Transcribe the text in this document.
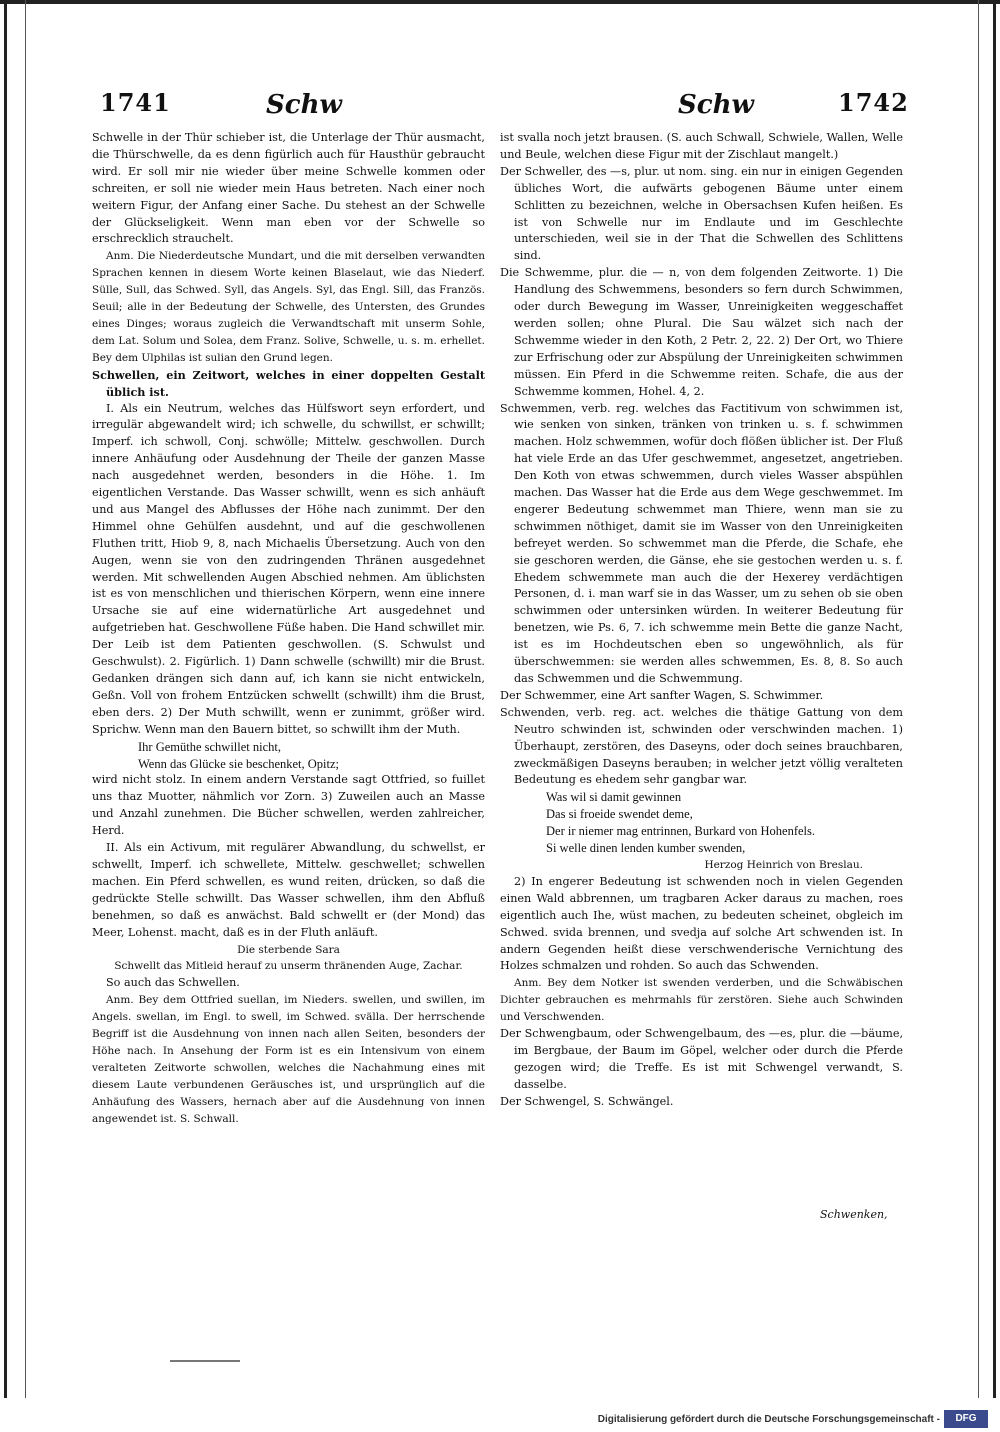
1741	Schw	Schw	1742

Schwelle in der Thür schieber ist, die Unterlage der Thür ausmacht, die Thürschwelle, da es denn figürlich auch für Hausthür gebraucht wird. Er soll mir nie wieder über meine Schwelle kommen oder schreiten, er soll nie wieder mein Haus betreten. Nach einer noch weitern Figur, der Anfang einer Sache. Du stehest an der Schwelle der Glückseligkeit. Wenn man eben vor der Schwelle so erschrecklich strauchelt.

Anm. Die Niederdeutsche Mundart, und die mit derselben verwandten Sprachen kennen in diesem Worte keinen Blaselaut, wie das Niederf. Sülle, Sull, das Schwed. Syll, das Angels. Syl, das Engl. Sill, das Französ. Seuil; alle in der Bedeutung der Schwelle, des Untersten, des Grundes eines Dinges; woraus zugleich die Verwandtschaft mit unserm Sohle, dem Lat. Solum und Solea, dem Franz. Solive, Schwelle, u. s. m. erhellet. Bey dem Ulphilas ist sulian den Grund legen.

Schwellen, ein Zeitwort, welches in einer doppelten Gestalt üblich ist.

I. Als ein Neutrum, welches das Hülfswort seyn erfordert, und irregulär abgewandelt wird; ich schwelle, du schwillst, er schwillt; Imperf. ich schwoll, Conj. schwölle; Mittelw. geschwollen. Durch innere Anhäufung oder Ausdehnung der Theile der ganzen Masse nach ausgedehnet werden, besonders in die Höhe. 1. Im eigentlichen Verstande. Das Wasser schwillt, wenn es sich anhäuft und aus Mangel des Abflusses der Höhe nach zunimmt. Der den Himmel ohne Gehülfen ausdehnt, und auf die geschwollenen Fluthen tritt, Hiob 9, 8, nach Michaelis Übersetzung. Auch von den Augen, wenn sie von den zudringenden Thränen ausgedehnet werden. Mit schwellenden Augen Abschied nehmen. Am üblichsten ist es von menschlichen und thierischen Körpern, wenn eine innere Ursache sie auf eine widernatürliche Art ausgedehnet und aufgetrieben hat. Geschwollene Füße haben. Die Hand schwillet mir. Der Leib ist dem Patienten geschwollen. (S. Schwulst und Geschwulst). 2. Figürlich. 1) Dann schwelle (schwillt) mir die Brust. Gedanken drängen sich dann auf, ich kann sie nicht entwickeln, Geßn. Voll von frohem Entzücken schwellt (schwillt) ihm die Brust, eben ders. 2) Der Muth schwillt, wenn er zunimmt, größer wird. Sprichw. Wenn man den Bauern bittet, so schwillt ihm der Muth.

Ihr Gemüthe schwillet nicht,

Wenn das Glücke sie beschenket, Opitz;

wird nicht stolz. In einem andern Verstande sagt Ottfried, so fuillet uns thaz Muotter, nähmlich vor Zorn. 3) Zuweilen auch an Masse und Anzahl zunehmen. Die Bücher schwellen, werden zahlreicher, Herd.

II. Als ein Activum, mit regulärer Abwandlung, du schwellst, er schwellt, Imperf. ich schwellete, Mittelw. geschwellet; schwellen machen. Ein Pferd schwellen, es wund reiten, drücken, so daß die gedrückte Stelle schwillt. Das Wasser schwellen, ihm den Abfluß benehmen, so daß es anwächst. Bald schwellt er (der Mond) das Meer, Lohenst. macht, daß es in der Fluth anläuft.

Die sterbende Sara

Schwellt das Mitleid herauf zu unserm thränenden Auge, Zachar.

So auch das Schwellen.

Anm. Bey dem Ottfried suellan, im Nieders. swellen, und swillen, im Angels. swellan, im Engl. to swell, im Schwed. svälla. Der herrschende Begriff ist die Ausdehnung von innen nach allen Seiten, besonders der Höhe nach. In Ansehung der Form ist es ein Intensivum von einem veralteten Zeitworte schwollen, welches die Nachahmung eines mit diesem Laute verbundenen Geräusches ist, und ursprünglich auf die Anhäufung des Wassers, hernach aber auf die Ausdehnung von innen angewendet ist. S. Schwall.

ist svalla noch jetzt brausen. (S. auch Schwall, Schwiele, Wallen, Welle und Beule, welchen diese Figur mit der Zischlaut mangelt.)

Der Schweller, des —s, plur. ut nom. sing. ein nur in einigen Gegenden übliches Wort, die aufwärts gebogenen Bäume unter einem Schlitten zu bezeichnen, welche in Obersachsen Kufen heißen. Es ist von Schwelle nur im Endlaute und im Geschlechte unterschieden, weil sie in der That die Schwellen des Schlittens sind.

Die Schwemme, plur. die — n, von dem folgenden Zeitworte. 1) Die Handlung des Schwemmens, besonders so fern durch Schwimmen, oder durch Bewegung im Wasser, Unreinigkeiten weggeschaffet werden sollen; ohne Plural. Die Sau wälzet sich nach der Schwemme wieder in den Koth, 2 Petr. 2, 22. 2) Der Ort, wo Thiere zur Erfrischung oder zur Abspülung der Unreinigkeiten schwimmen müssen. Ein Pferd in die Schwemme reiten. Schafe, die aus der Schwemme kommen, Hohel. 4, 2.

Schwemmen, verb. reg. welches das Factitivum von schwimmen ist, wie senken von sinken, tränken von trinken u. s. f. schwimmen machen. Holz schwemmen, wofür doch flößen üblicher ist. Der Fluß hat viele Erde an das Ufer geschwemmet, angesetzet, angetrieben. Den Koth von etwas schwemmen, durch vieles Wasser abspühlen machen. Das Wasser hat die Erde aus dem Wege geschwemmet. Im engerer Bedeutung schwemmet man Thiere, wenn man sie zu schwimmen nöthiget, damit sie im Wasser von den Unreinigkeiten befreyet werden. So schwemmet man die Pferde, die Schafe, ehe sie geschoren werden, die Gänse, ehe sie gestochen werden u. s. f. Ehedem schwemmete man auch die der Hexerey verdächtigen Personen, d. i. man warf sie in das Wasser, um zu sehen ob sie oben schwimmen oder untersinken würden. In weiterer Bedeutung für benetzen, wie Ps. 6, 7. ich schwemme mein Bette die ganze Nacht, ist es im Hochdeutschen eben so ungewöhnlich, als für überschwemmen: sie werden alles schwemmen, Es. 8, 8. So auch das Schwemmen und die Schwemmung.

Der Schwemmer, eine Art sanfter Wagen, S. Schwimmer.

Schwenden, verb. reg. act. welches die thätige Gattung von dem Neutro schwinden ist, schwinden oder verschwinden machen. 1) Überhaupt, zerstören, des Daseyns, oder doch seines brauchbaren, zweckmäßigen Daseyns berauben; in welcher jetzt völlig veralteten Bedeutung es ehedem sehr gangbar war.

Was wil si damit gewinnen

Das si froeide swendet deme,

Der ir niemer mag entrinnen, Burkard von Hohenfels.

Si welle dinen lenden kumber swenden,

Herzog Heinrich von Breslau.

2) In engerer Bedeutung ist schwenden noch in vielen Gegenden einen Wald abbrennen, um tragbaren Acker daraus zu machen, roes eigentlich auch Ihe, wüst machen, zu bedeuten scheinet, obgleich im Schwed. svida brennen, und svedja auf solche Art schwenden ist. In andern Gegenden heißt diese verschwenderische Vernichtung des Holzes schmalzen und rohden. So auch das Schwenden.

Anm. Bey dem Notker ist swenden verderben, und die Schwäbischen Dichter gebrauchen es mehrmahls für zerstören. Siehe auch Schwinden und Verschwenden.

Der Schwengbaum, oder Schwengelbaum, des —es, plur. die —bäume, im Bergbaue, der Baum im Göpel, welcher oder durch die Pferde gezogen wird; die Treffe. Es ist mit Schwengel verwandt, S. dasselbe.

Der Schwengel, S. Schwängel.

Schwenken,
Digitalisierung gefördert durch die Deutsche Forschungsgemeinschaft -	DFG
